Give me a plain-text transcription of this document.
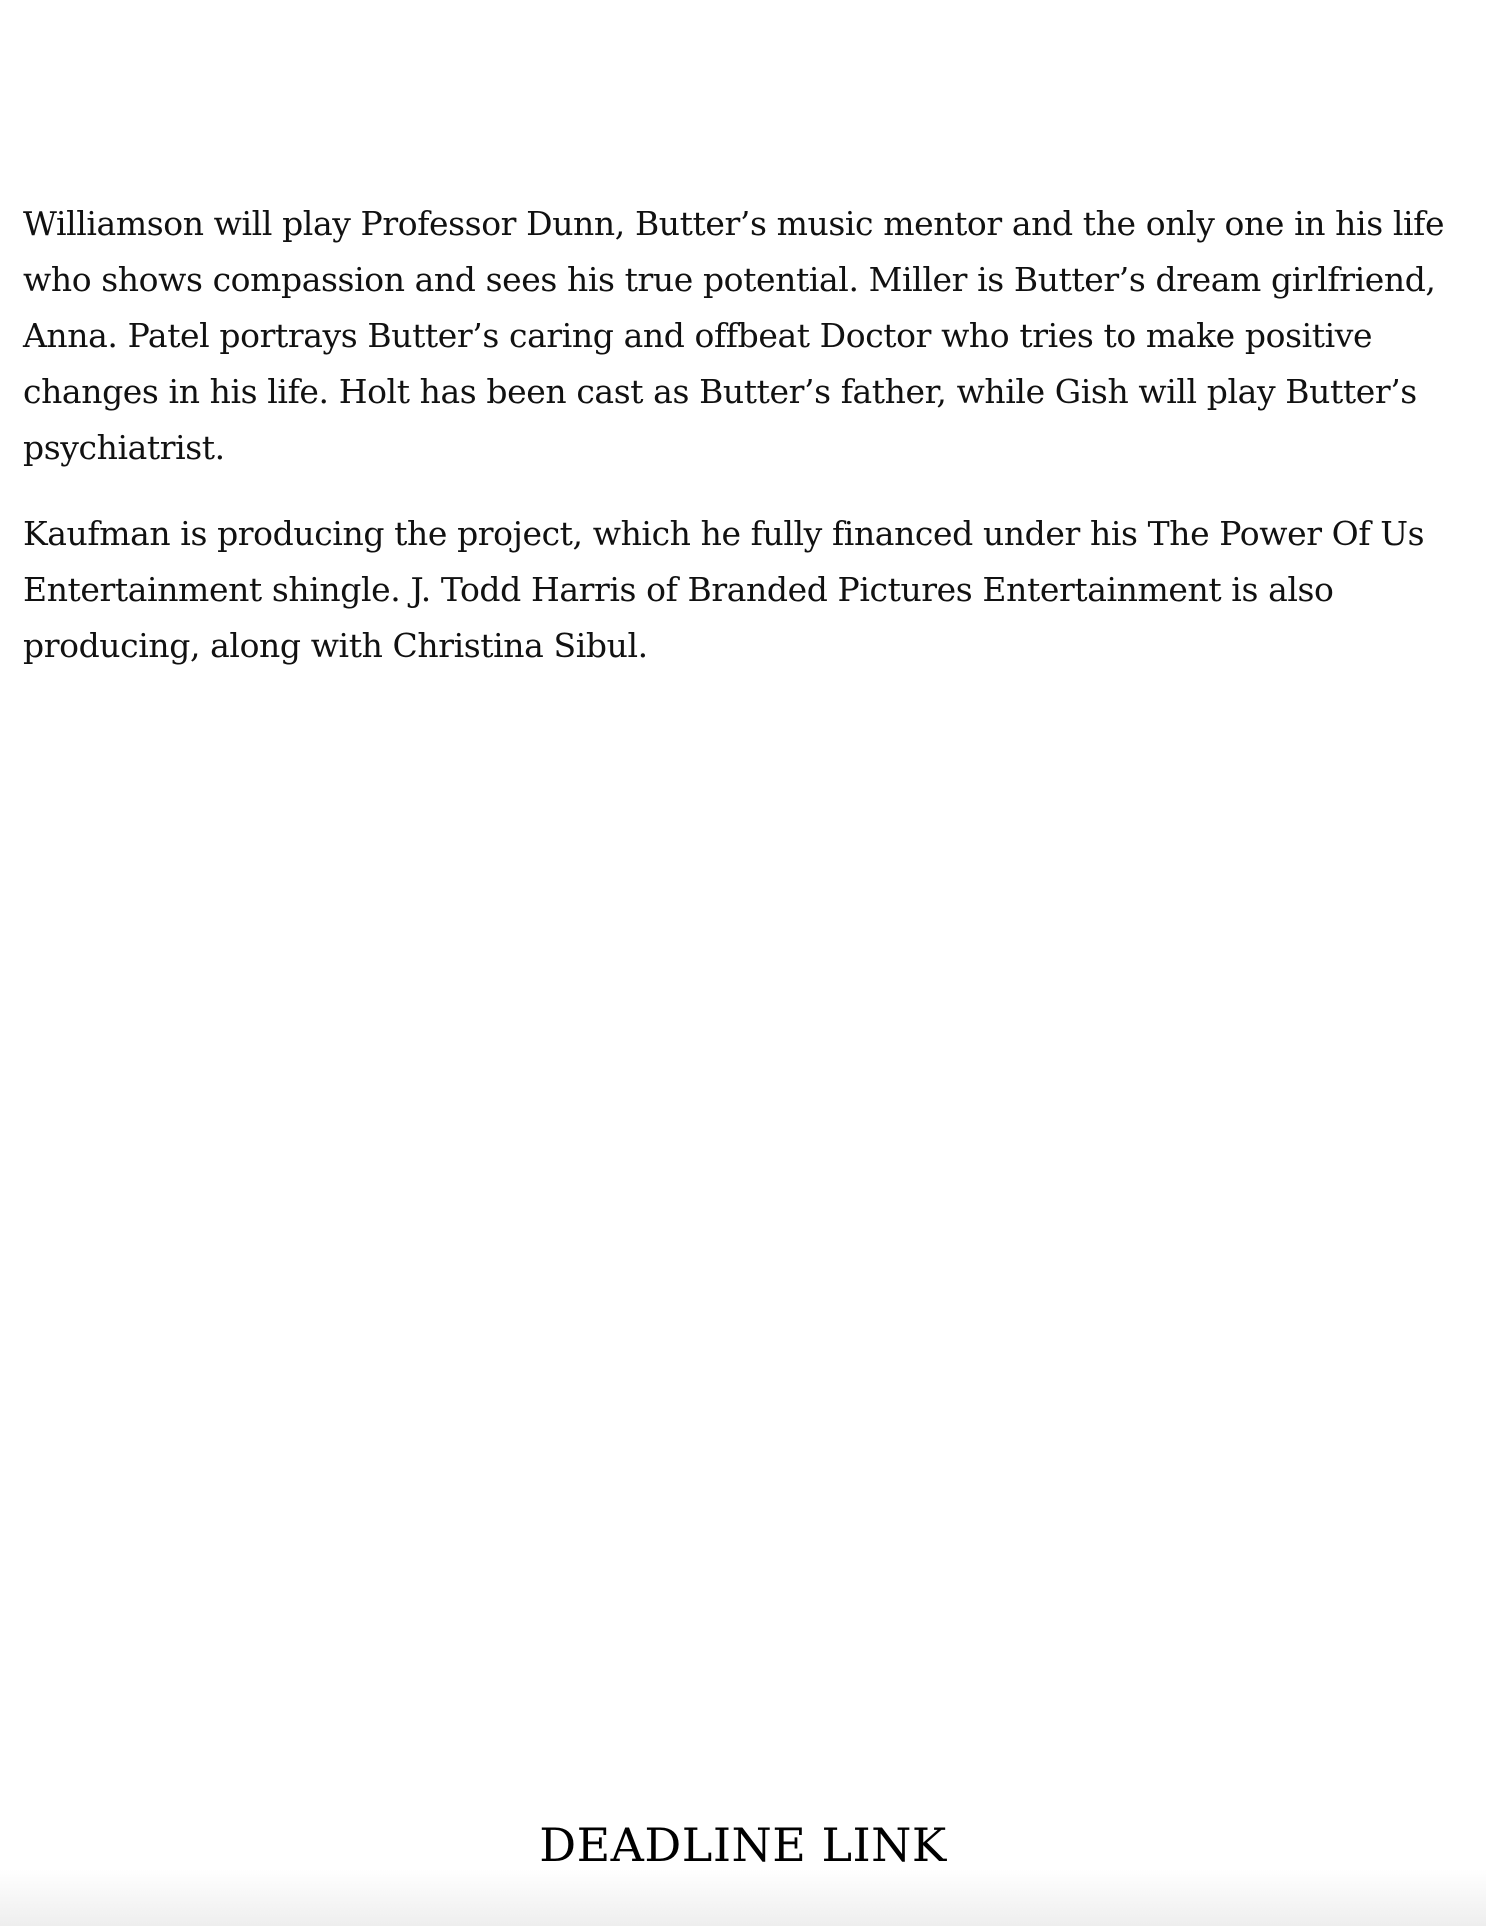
Williamson will play Professor Dunn, Butter’s music mentor and the only one in his life who shows compassion and sees his true potential. Miller is Butter’s dream girlfriend, Anna. Patel portrays Butter’s caring and offbeat Doctor who tries to make positive changes in his life. Holt has been cast as Butter’s father, while Gish will play Butter’s psychiatrist.

Kaufman is producing the project, which he fully financed under his The Power Of Us Entertainment shingle. J. Todd Harris of Branded Pictures Entertainment is also producing, along with Christina Sibul.

DEADLINE LINK
